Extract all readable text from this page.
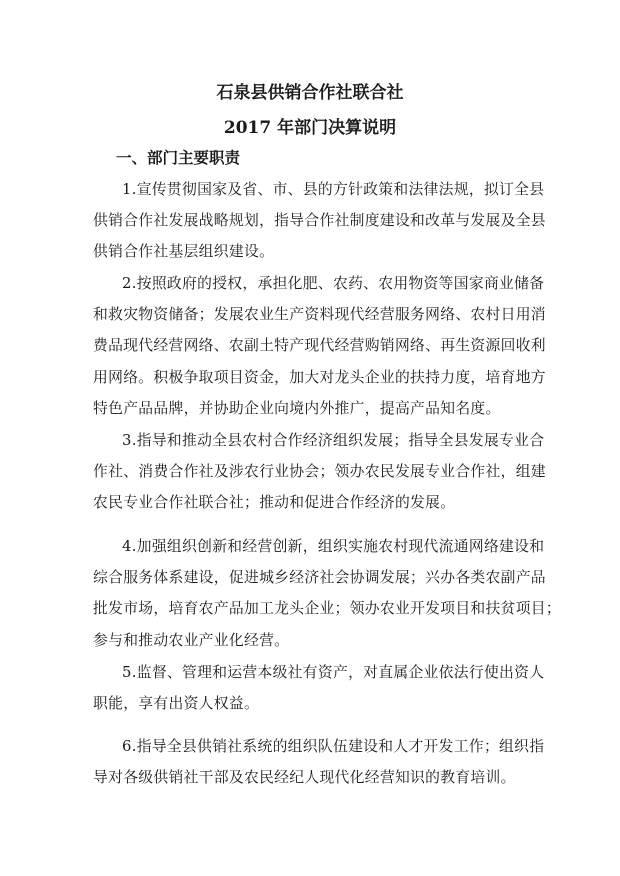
石泉县供销合作社联合社
2017 年部门决算说明
一、部门主要职责
1.宣传贯彻国家及省、市、县的方针政策和法律法规，拟订全县
供销合作社发展战略规划，指导合作社制度建设和改革与发展及全县
供销合作社基层组织建设。
2.按照政府的授权，承担化肥、农药、农用物资等国家商业储备
和救灾物资储备；发展农业生产资料现代经营服务网络、农村日用消
费品现代经营网络、农副土特产现代经营购销网络、再生资源回收利
用网络。积极争取项目资金，加大对龙头企业的扶持力度，培育地方
特色产品品牌，并协助企业向境内外推广，提高产品知名度。
3.指导和推动全县农村合作经济组织发展；指导全县发展专业合
作社、消费合作社及涉农行业协会；领办农民发展专业合作社，组建
农民专业合作社联合社；推动和促进合作经济的发展。
4.加强组织创新和经营创新，组织实施农村现代流通网络建设和
综合服务体系建设，促进城乡经济社会协调发展；兴办各类农副产品
批发市场，培育农产品加工龙头企业；领办农业开发项目和扶贫项目；
参与和推动农业产业化经营。
5.监督、管理和运营本级社有资产，对直属企业依法行使出资人
职能，享有出资人权益。
6.指导全县供销社系统的组织队伍建设和人才开发工作；组织指
导对各级供销社干部及农民经纪人现代化经营知识的教育培训。
